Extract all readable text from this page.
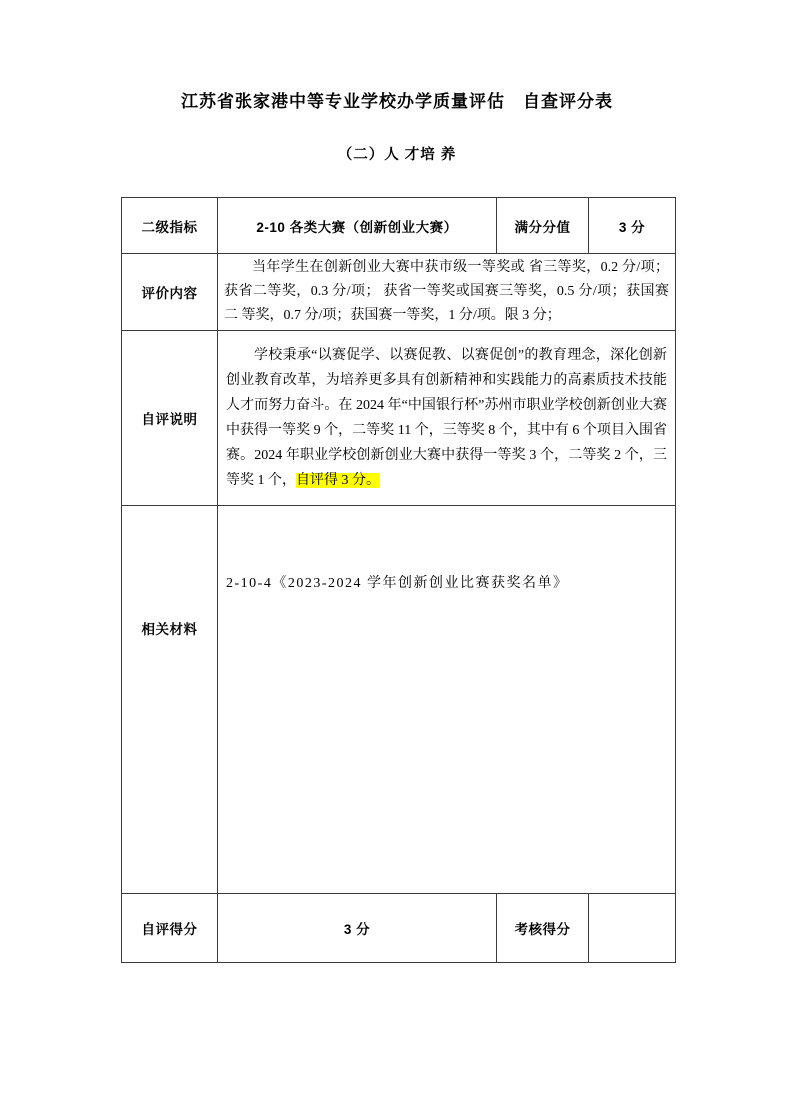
江苏省张家港中等专业学校办学质量评估　自查评分表
（二）人 才培 养
二级指标	2-10 各类大赛（创新创业大赛）	满分分值	3 分
评价内容	当年学生在创新创业大赛中获市级一等奖或 省三等奖，0.2 分/项；获省二等奖，0.3 分/项； 获省一等奖或国赛三等奖，0.5 分/项；获国赛二 等奖，0.7 分/项；获国赛一等奖，1 分/项。限 3 分；		
自评说明	学校秉承“以赛促学、以赛促教、以赛促创”的教育理念，深化创新创业教育改革，为培养更多具有创新精神和实践能力的高素质技术技能人才而努力奋斗。在 2024 年“中国银行杯”苏州市职业学校创新创业大赛中获得一等奖 9 个，二等奖 11 个，三等奖 8 个，其中有 6 个项目入围省赛。2024 年职业学校创新创业大赛中获得一等奖 3 个，二等奖 2 个，三等奖 1 个，自评得 3 分。		
相关材料	2-10-4《2023-2024 学年创新创业比赛获奖名单》		
自评得分	3 分	考核得分	
